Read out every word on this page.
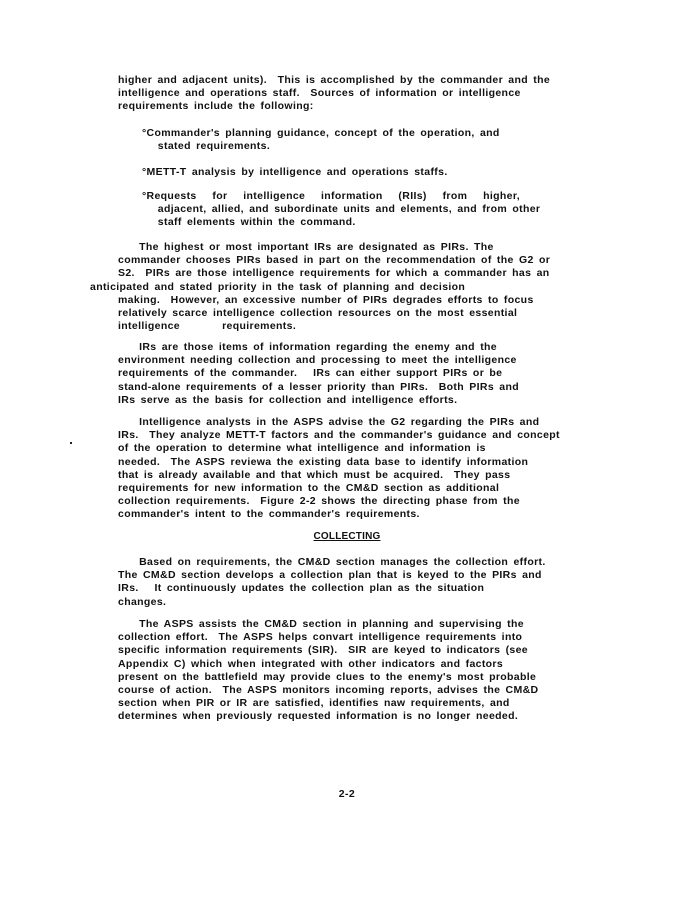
higher and adjacent units).  This is accomplished by the commander and the
intelligence and operations staff.  Sources of information or intelligence
requirements include the following:
°Commander's planning guidance, concept of the operation, and
stated requirements.
°METT-T analysis by intelligence and operations staffs.
°Requests   for   intelligence   information   (RIIs)   from   higher,
adjacent, allied, and subordinate units and elements, and from other
staff elements within the command.
The highest or most important IRs are designated as PIRs. The
commander chooses PIRs based in part on the recommendation of the G2 or
S2.  PIRs are those intelligence requirements for which a commander has an
anticipated and stated priority in the task of planning and decision
making.  However, an excessive number of PIRs degrades efforts to focus
relatively scarce intelligence collection resources on the most essential
intelligence        requirements.
IRs are those items of information regarding the enemy and the
environment needing collection and processing to meet the intelligence
requirements of the commander.   IRs can either support PIRs or be
stand-alone requirements of a lesser priority than PIRs.  Both PIRs and
IRs serve as the basis for collection and intelligence efforts.
Intelligence analysts in the ASPS advise the G2 regarding the PIRs and
IRs.  They analyze METT-T factors and the commander's guidance and concept
of the operation to determine what intelligence and information is
needed.  The ASPS reviewa the existing data base to identify information
that is already available and that which must be acquired.  They pass
requirements for new information to the CM&D section as additional
collection requirements.  Figure 2-2 shows the directing phase from the
commander's intent to the commander's requirements.
COLLECTING
Based on requirements, the CM&D section manages the collection effort.
The CM&D section develops a collection plan that is keyed to the PIRs and
IRs.   It continuously updates the collection plan as the situation
changes.
The ASPS assists the CM&D section in planning and supervising the
collection effort.  The ASPS helps convart intelligence requirements into
specific information requirements (SIR).  SIR are keyed to indicators (see
Appendix C) which when integrated with other indicators and factors
present on the battlefield may provide clues to the enemy's most probable
course of action.  The ASPS monitors incoming reports, advises the CM&D
section when PIR or IR are satisfied, identifies naw requirements, and
determines when previously requested information is no longer needed.
2-2
